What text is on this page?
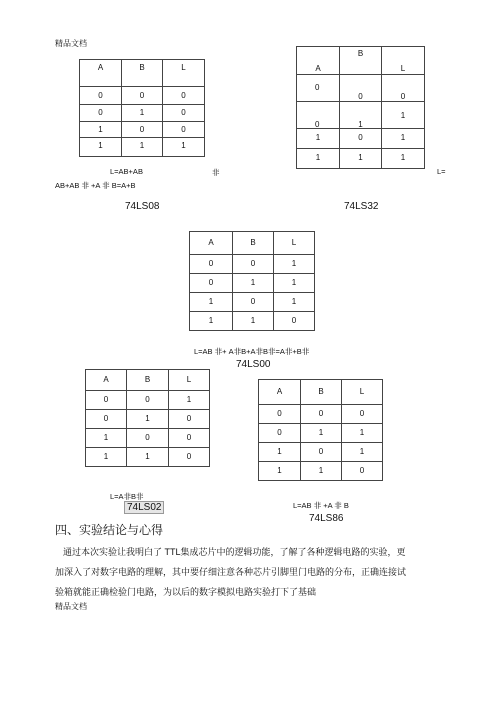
精品文档
A	B	L

0	0	0

0	1	0

1	0	0

1	1	1
A	B	L

0	0	0

0	1	1

1	0	1

1	1	1
L=AB+AB	非	L=
AB+AB 非 +A 非 B=A+B
74LS08	74LS32
A	B	L

0	0	1

0	1	1

1	0	1

1	1	0
L=AB 非+ A非B+A非B非=A非+B非
74LS00
A	B	L

0	0	1

0	1	0

1	0	0

1	1	0
A	B	L

0	0	0

0	1	1

1	0	1

1	1	0
L=A非B非
74LS02	L=AB 非 +A 非 B
74LS86
四、实验结论与心得
通过本次实验让我明白了 TTL集成芯片中的逻辑功能，了解了各种逻辑电路的实验，更
加深入了对数字电路的理解，其中要仔细注意各种芯片引脚里门电路的分布，正确连接试
验箱就能正确检验门电路，为以后的数字模拟电路实验打下了基础
精品文档
